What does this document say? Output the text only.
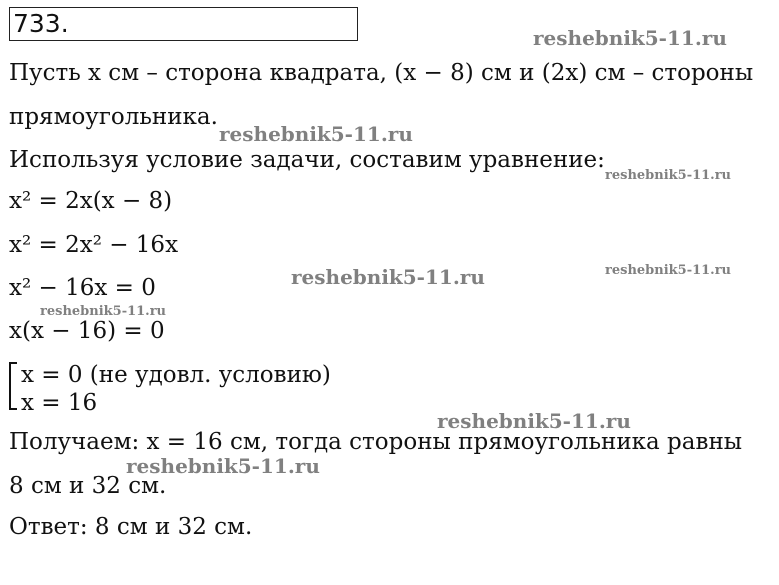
733.
Пусть x см – сторона квадрата, (x − 8) см и (2x) см – стороны
прямоугольника.
Используя условие задачи, составим уравнение:
x² = 2x(x − 8)
x² = 2x² − 16x
x² − 16x = 0
x(x − 16) = 0
x = 0 (не удовл. условию)
x = 16
Получаем: x = 16 см, тогда стороны прямоугольника равны
8 см и 32 см.
Ответ: 8 см и 32 см.
reshebnik5-11.ru
reshebnik5-11.ru
reshebnik5-11.ru
reshebnik5-11.ru	reshebnik5-11.ru
reshebnik5-11.ru
reshebnik5-11.ru
reshebnik5-11.ru
